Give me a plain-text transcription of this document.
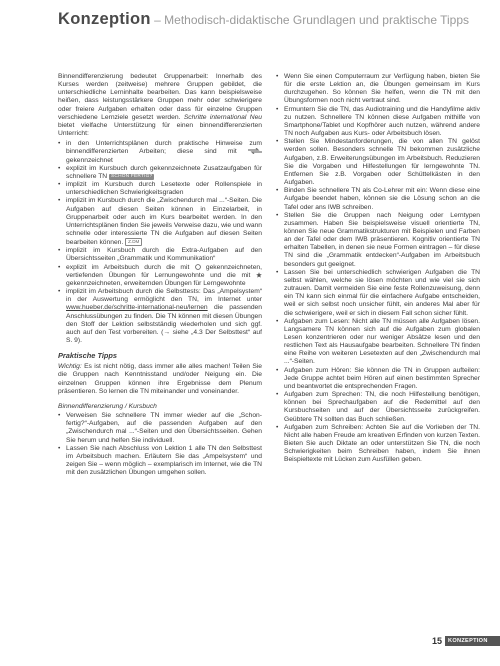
Konzeption – Methodisch-didaktische Grundlagen und praktische Tipps

Binnendifferenzierung bedeutet Gruppenarbeit: Innerhalb des Kurses werden (zeitweise) mehrere Gruppen gebildet, die unterschiedliche Lerninhalte bearbeiten. Das kann beispielsweise heißen, dass leistungsstärkere Gruppen mehr oder schwierigere oder freiere Aufgaben erhalten oder dass für einzelne Gruppen verschiedene Lernziele gesetzt werden. Schritte international Neu bietet vielfache Unterstützung für einen binnendifferenzierten Unterricht:

• in den Unterrichtsplänen durch praktische Hinweise zum binnendifferenzierten Arbeiten; diese sind mit  gekennzeichnet
• explizit im Kursbuch durch gekennzeichnete Zusatzaufgaben für schnellere TN SCHON FERTIG?
• implizit im Kursbuch durch Lesetexte oder Rollenspiele in unterschiedlichen Schwierigkeitsgraden
• implizit im Kursbuch durch die „Zwischendurch mal ...“-Seiten. Die Aufgaben auf diesen Seiten können in Einzelarbeit, in Gruppenarbeit oder auch im Kurs bearbeitet werden. In den Unterrichtsplänen finden Sie jeweils Verweise dazu, wie und wann schnelle oder interessierte TN die Aufgaben auf diesen Seiten bearbeiten können. Z.DM
• implizit im Kursbuch durch die Extra-Aufgaben auf den Übersichtsseiten „Grammatik und Kommunikation“
• explizit im Arbeitsbuch durch die mit gekennzeichneten, vertiefenden Übungen für Lernungewohnte und die mit  gekennzeichneten, erweiternden Übungen für Lerngewohnte
• implizit im Arbeitsbuch durch die Selbsttests: Das „Ampelsystem“ in der Auswertung ermöglicht den TN, im Internet unter www.hueber.de/schritte-international-neu/lernen die passenden Anschlussübungen zu finden. Die TN können mit diesen Übungen den Stoff der Lektion selbstständig wiederholen und sich ggf. auch auf den Test vorbereiten. (→ siehe „4.3 Der Selbsttest“ auf S. 9).
Praktische Tipps

Wichtig: Es ist nicht nötig, dass immer alle alles machen! Teilen Sie die Gruppen nach Kenntnisstand und/oder Neigung ein. Die einzelnen Gruppen können ihre Ergebnisse dem Plenum präsentieren. So lernen die TN miteinander und voneinander.

Binnendifferenzierung / Kursbuch
• Verweisen Sie schnellere TN immer wieder auf die „Schon-fertig?“-Aufgaben, auf die passenden Aufgaben auf den „Zwischendurch mal ...“-Seiten und den Übersichtsseiten. Gehen Sie herum und helfen Sie individuell.
• Lassen Sie nach Abschluss von Lektion 1 alle TN den Selbsttest im Arbeitsbuch machen. Erläutern Sie das „Ampelsystem“ und zeigen Sie – wenn möglich – exemplarisch im Internet, wie die TN mit den zusätzlichen Übungen umgehen sollen.
• Wenn Sie einen Computerraum zur Verfügung haben, bieten Sie für die erste Lektion an, die Übungen gemeinsam im Kurs durchzugehen. So können Sie helfen, wenn die TN mit den Übungsformen noch nicht vertraut sind.
• Ermuntern Sie die TN, das Audiotraining und die Handyfilme aktiv zu nutzen. Schnellere TN können diese Aufgaben mithilfe von Smartphone/Tablet und Kopfhörer auch nutzen, während andere TN noch Aufgaben aus Kurs- oder Arbeitsbuch lösen.
• Stellen Sie Mindestanforderungen, die von allen TN gelöst werden sollen. Besonders schnelle TN bekommen zusätzliche Aufgaben, z.B. Erweiterungsübungen im Arbeitsbuch. Reduzieren Sie die Vorgaben und Hilfestellungen für lerngewohnte TN. Entfernen Sie z.B. Vorgaben oder Schüttelkästen in den Aufgaben.
• Binden Sie schnellere TN als Co-Lehrer mit ein: Wenn diese eine Aufgabe beendet haben, können sie die Lösung schon an die Tafel oder ans IWB schreiben.
• Stellen Sie die Gruppen nach Neigung oder Lerntypen zusammen. Haben Sie beispielsweise visuell orientierte TN, können Sie neue Grammatikstrukturen mit Beispielen und Farben an der Tafel oder dem IWB präsentieren. Kognitiv orientierte TN erhalten Tabellen, in denen sie neue Formen eintragen – für diese TN sind die „Grammatik entdecken“-Aufgaben im Arbeitsbuch besonders gut geeignet.
• Lassen Sie bei unterschiedlich schwierigen Aufgaben die TN selbst wählen, welche sie lösen möchten und wie viel sie sich zutrauen. Damit vermeiden Sie eine feste Rollenzuweisung, denn ein TN kann sich einmal für die einfachere Aufgabe entscheiden, weil er sich selbst noch unsicher fühlt, ein anderes Mal aber für die schwierigere, weil er sich in diesem Fall schon sicher fühlt.
• Aufgaben zum Lesen: Nicht alle TN müssen alle Aufgaben lösen. Langsamere TN können sich auf die Aufgaben zum globalen Lesen konzentrieren oder nur weniger Absätze lesen und den restlichen Text als Hausaufgabe bearbeiten. Schnellere TN finden eine Reihe von weiteren Lesetexten auf den „Zwischendurch mal ...“-Seiten.
• Aufgaben zum Hören: Sie können die TN in Gruppen aufteilen: Jede Gruppe achtet beim Hören auf einen bestimmten Sprecher und beantwortet die entsprechenden Fragen.
• Aufgaben zum Sprechen: TN, die noch Hilfestellung benötigen, können bei Sprechaufgaben auf die Redemittel auf den Kursbuchseiten und auf der Übersichtsseite zurückgreifen. Geübtere TN sollten das Buch schließen.
• Aufgaben zum Schreiben: Achten Sie auf die Vorlieben der TN. Nicht alle haben Freude am kreativen Erfinden von kurzen Texten. Bieten Sie auch Diktate an oder unterstützen Sie TN, die noch Schwierigkeiten beim Schreiben haben, indem Sie ihnen Beispieltexte mit Lücken zum Ausfüllen geben.
15	KONZEPTION
